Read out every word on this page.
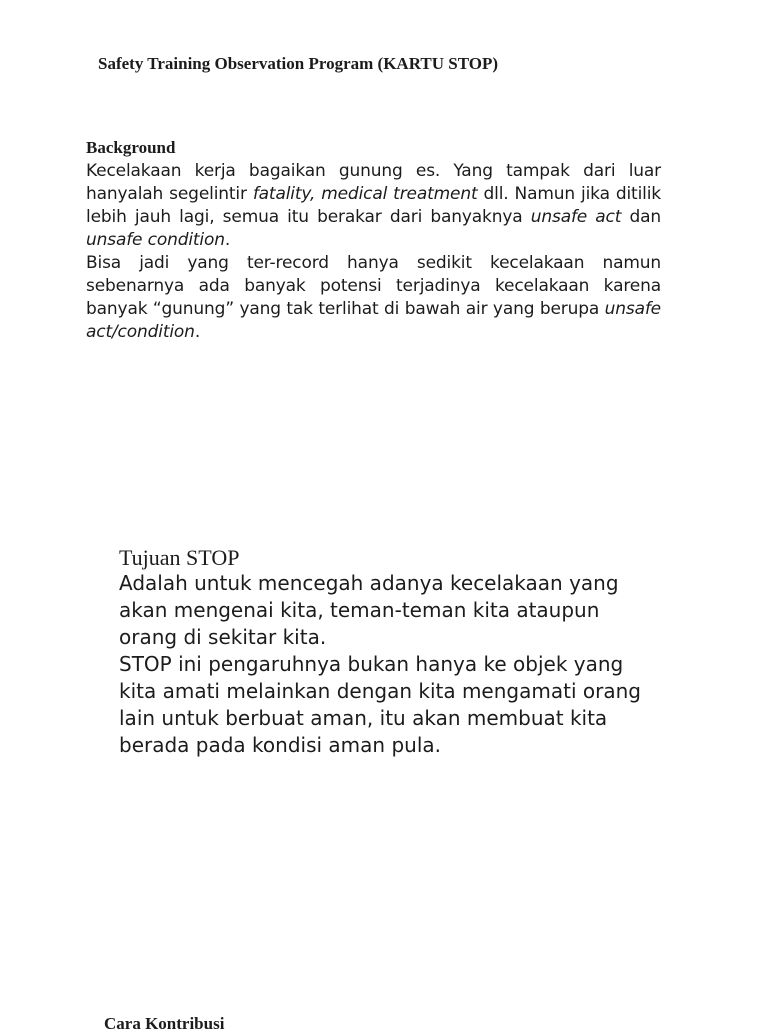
Safety Training Observation Program (KARTU STOP)
Background

Kecelakaan kerja bagaikan gunung es. Yang tampak dari luar hanyalah segelintir fatality, medical treatment dll. Namun jika ditilik lebih jauh lagi, semua itu berakar dari banyaknya unsafe act dan unsafe condition.

Bisa jadi yang ter-record hanya sedikit kecelakaan namun sebenarnya ada banyak potensi terjadinya kecelakaan karena banyak “gunung” yang tak terlihat di bawah air yang berupa unsafe act/condition.

Tujuan STOP

Adalah untuk mencegah adanya kecelakaan yang akan mengenai kita, teman-teman kita ataupun orang di sekitar kita.

STOP ini pengaruhnya bukan hanya ke objek yang kita amati melainkan dengan kita mengamati orang lain untuk berbuat aman, itu akan membuat kita berada pada kondisi aman pula.

Cara Kontribusi
